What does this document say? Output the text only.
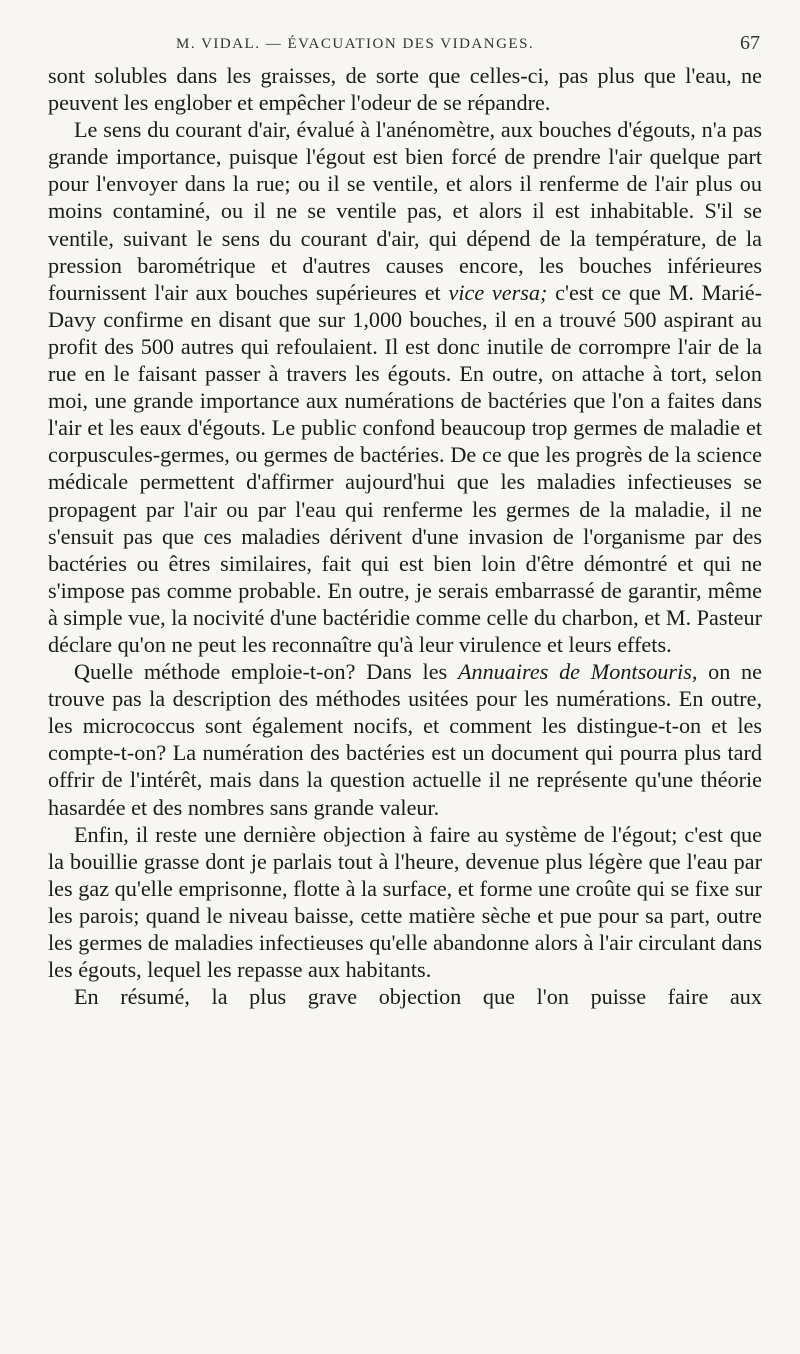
M. VIDAL. — ÉVACUATION DES VIDANGES.	67

sont solubles dans les graisses, de sorte que celles-ci, pas plus que l'eau, ne peuvent les englober et empêcher l'odeur de se répandre.

Le sens du courant d'air, évalué à l'anénomètre, aux bouches d'égouts, n'a pas grande importance, puisque l'égout est bien forcé de prendre l'air quelque part pour l'envoyer dans la rue; ou il se ventile, et alors il renferme de l'air plus ou moins contaminé, ou il ne se ventile pas, et alors il est inhabitable. S'il se ventile, suivant le sens du courant d'air, qui dépend de la température, de la pression barométrique et d'autres causes encore, les bouches inférieures fournissent l'air aux bouches supérieures et vice versa; c'est ce que M. Marié-Davy confirme en disant que sur 1,000 bouches, il en a trouvé 500 aspirant au profit des 500 autres qui refoulaient. Il est donc inutile de corrompre l'air de la rue en le faisant passer à travers les égouts. En outre, on attache à tort, selon moi, une grande importance aux numérations de bactéries que l'on a faites dans l'air et les eaux d'égouts. Le public confond beaucoup trop germes de maladie et corpuscules-germes, ou germes de bactéries. De ce que les progrès de la science médicale permettent d'affirmer aujourd'hui que les maladies infectieuses se propagent par l'air ou par l'eau qui renferme les germes de la maladie, il ne s'ensuit pas que ces maladies dérivent d'une invasion de l'organisme par des bactéries ou êtres similaires, fait qui est bien loin d'être démontré et qui ne s'impose pas comme probable. En outre, je serais embarrassé de garantir, même à simple vue, la nocivité d'une bactéridie comme celle du charbon, et M. Pasteur déclare qu'on ne peut les reconnaître qu'à leur virulence et leurs effets.

Quelle méthode emploie-t-on? Dans les Annuaires de Montsouris, on ne trouve pas la description des méthodes usitées pour les numérations. En outre, les micrococcus sont également nocifs, et comment les distingue-t-on et les compte-t-on? La numération des bactéries est un document qui pourra plus tard offrir de l'intérêt, mais dans la question actuelle il ne représente qu'une théorie hasardée et des nombres sans grande valeur.

Enfin, il reste une dernière objection à faire au système de l'égout; c'est que la bouillie grasse dont je parlais tout à l'heure, devenue plus légère que l'eau par les gaz qu'elle emprisonne, flotte à la surface, et forme une croûte qui se fixe sur les parois; quand le niveau baisse, cette matière sèche et pue pour sa part, outre les germes de maladies infectieuses qu'elle abandonne alors à l'air circulant dans les égouts, lequel les repasse aux habitants.

En résumé, la plus grave objection que l'on puisse faire aux
